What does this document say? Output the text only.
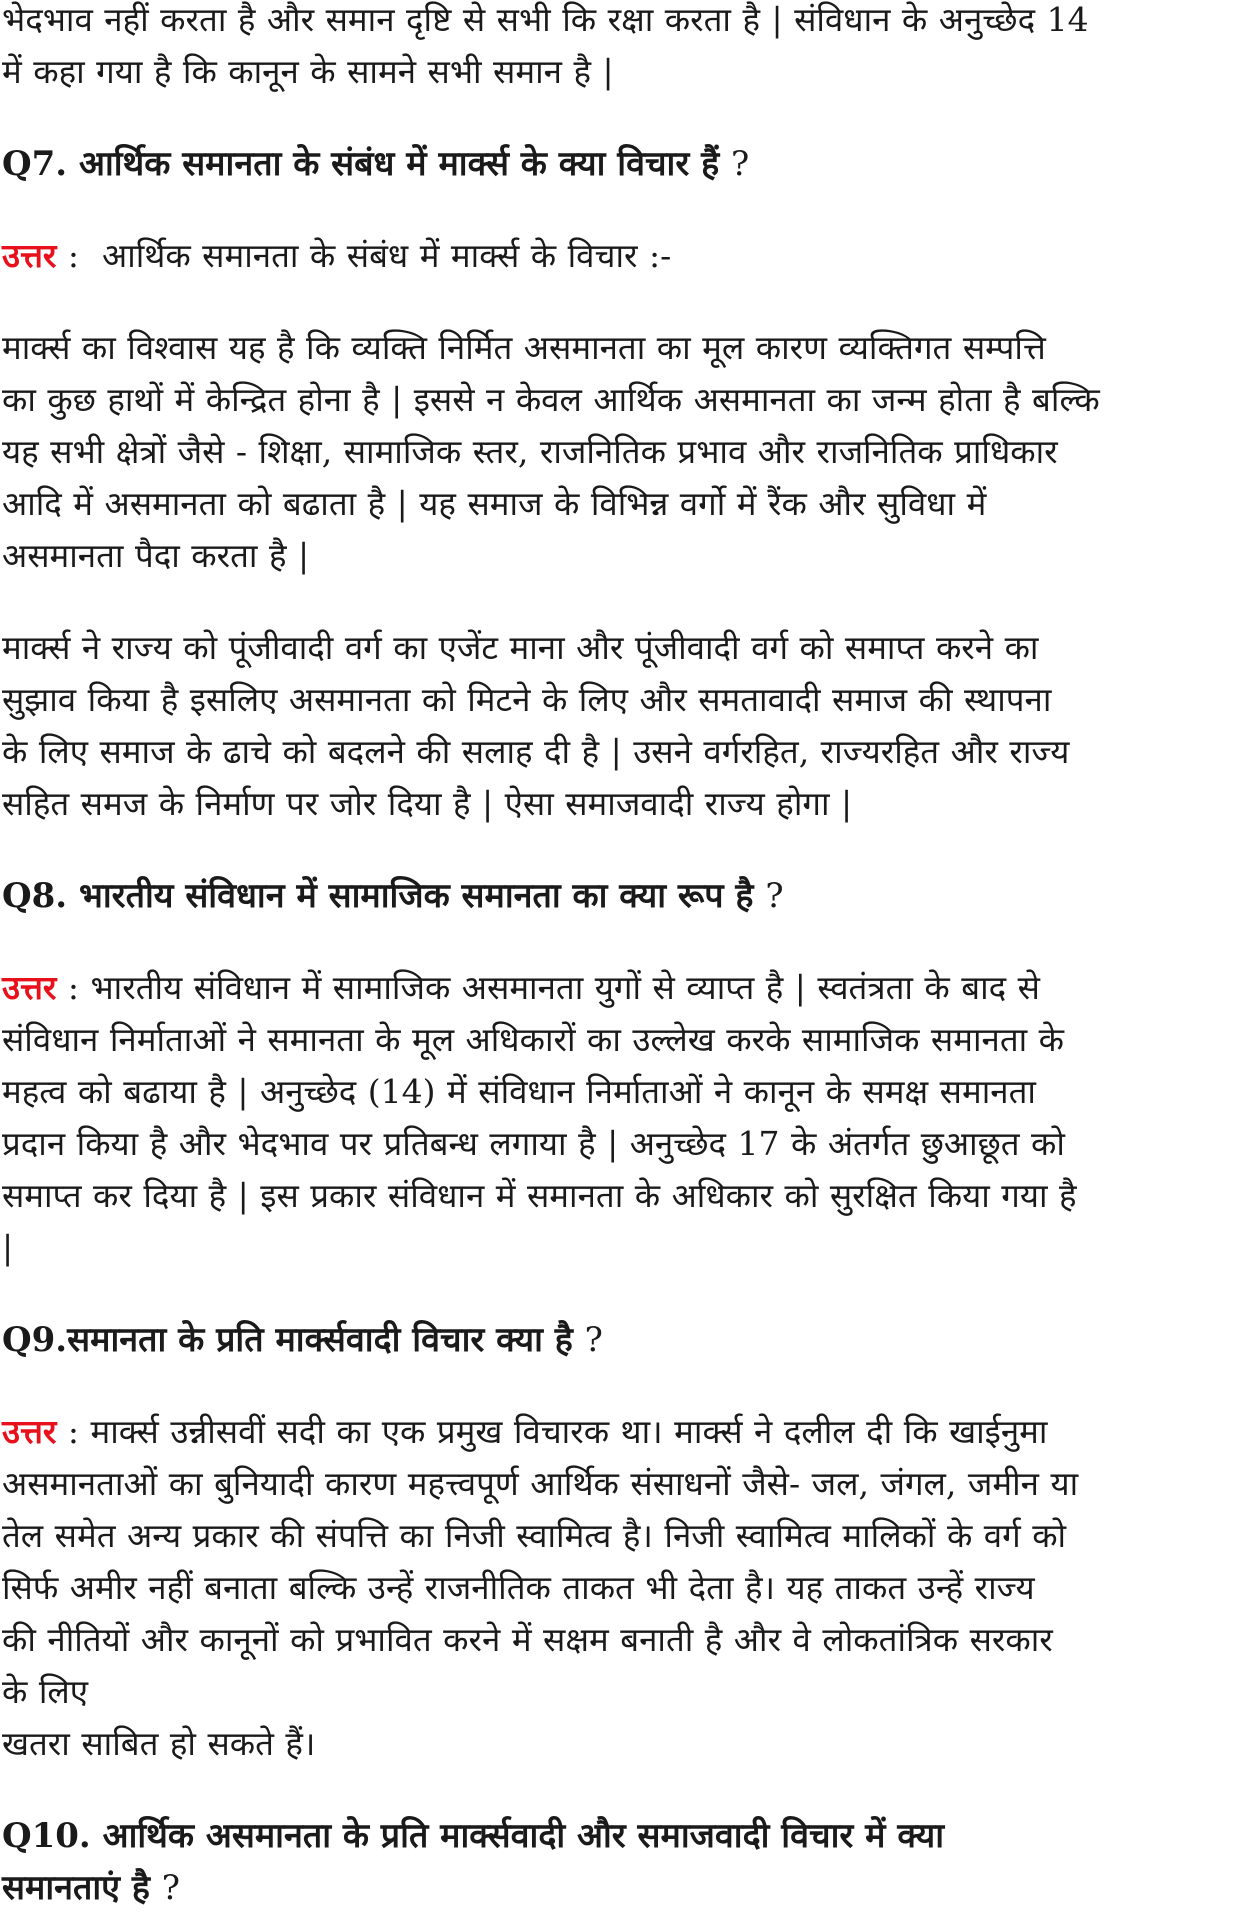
भेदभाव नहीं करता है और समान दृष्टि से सभी कि रक्षा करता है | संविधान के अनुच्छेद 14
में कहा गया है कि कानून के सामने सभी समान है |

Q7. आर्थिक समानता के संबंध में मार्क्स के क्या विचार हैं ?

उत्तर :  आर्थिक समानता के संबंध में मार्क्स के विचार :-

मार्क्स का विश्वास यह है कि व्यक्ति निर्मित असमानता का मूल कारण व्यक्तिगत सम्पत्ति
का कुछ हाथों में केन्द्रित होना है | इससे न केवल आर्थिक असमानता का जन्म होता है बल्कि
यह सभी क्षेत्रों जैसे - शिक्षा, सामाजिक स्तर, राजनितिक प्रभाव और राजनितिक प्राधिकार
आदि में असमानता को बढाता है | यह समाज के विभिन्न वर्गो में रैंक और सुविधा में
असमानता पैदा करता है |

मार्क्स ने राज्य को पूंजीवादी वर्ग का एजेंट माना और पूंजीवादी वर्ग को समाप्त करने का
सुझाव किया है इसलिए असमानता को मिटने के लिए और समतावादी समाज की स्थापना
के लिए समाज के ढाचे को बदलने की सलाह दी है | उसने वर्गरहित, राज्यरहित और राज्य
सहित समज के निर्माण पर जोर दिया है | ऐसा समाजवादी राज्य होगा |

Q8. भारतीय संविधान में सामाजिक समानता का क्या रूप है ?

उत्तर : भारतीय संविधान में सामाजिक असमानता युगों से व्याप्त है | स्वतंत्रता के बाद से
संविधान निर्माताओं ने समानता के मूल अधिकारों का उल्लेख करके सामाजिक समानता के
महत्व को बढाया है | अनुच्छेद (14) में संविधान निर्माताओं ने कानून के समक्ष समानता
प्रदान किया है और भेदभाव पर प्रतिबन्ध लगाया है | अनुच्छेद 17 के अंतर्गत छुआछूत को
समाप्त कर दिया है | इस प्रकार संविधान में समानता के अधिकार को सुरक्षित किया गया है
|

Q9.समानता के प्रति मार्क्सवादी विचार क्या है ?

उत्तर : मार्क्स उन्नीसवीं सदी का एक प्रमुख विचारक था। मार्क्स ने दलील दी कि खाईनुमा
असमानताओं का बुनियादी कारण महत्त्वपूर्ण आर्थिक संसाधनों जैसे- जल, जंगल, जमीन या
तेल समेत अन्य प्रकार की संपत्ति का निजी स्वामित्व है। निजी स्वामित्व मालिकों के वर्ग को
सिर्फ अमीर नहीं बनाता बल्कि उन्हें राजनीतिक ताकत भी देता है। यह ताकत उन्हें राज्य
की नीतियों और कानूनों को प्रभावित करने में सक्षम बनाती है और वे लोकतांत्रिक सरकार
के लिए
खतरा साबित हो सकते हैं।

Q10. आर्थिक असमानता के प्रति मार्क्सवादी और समाजवादी विचार में क्या
समानताएं है ?
